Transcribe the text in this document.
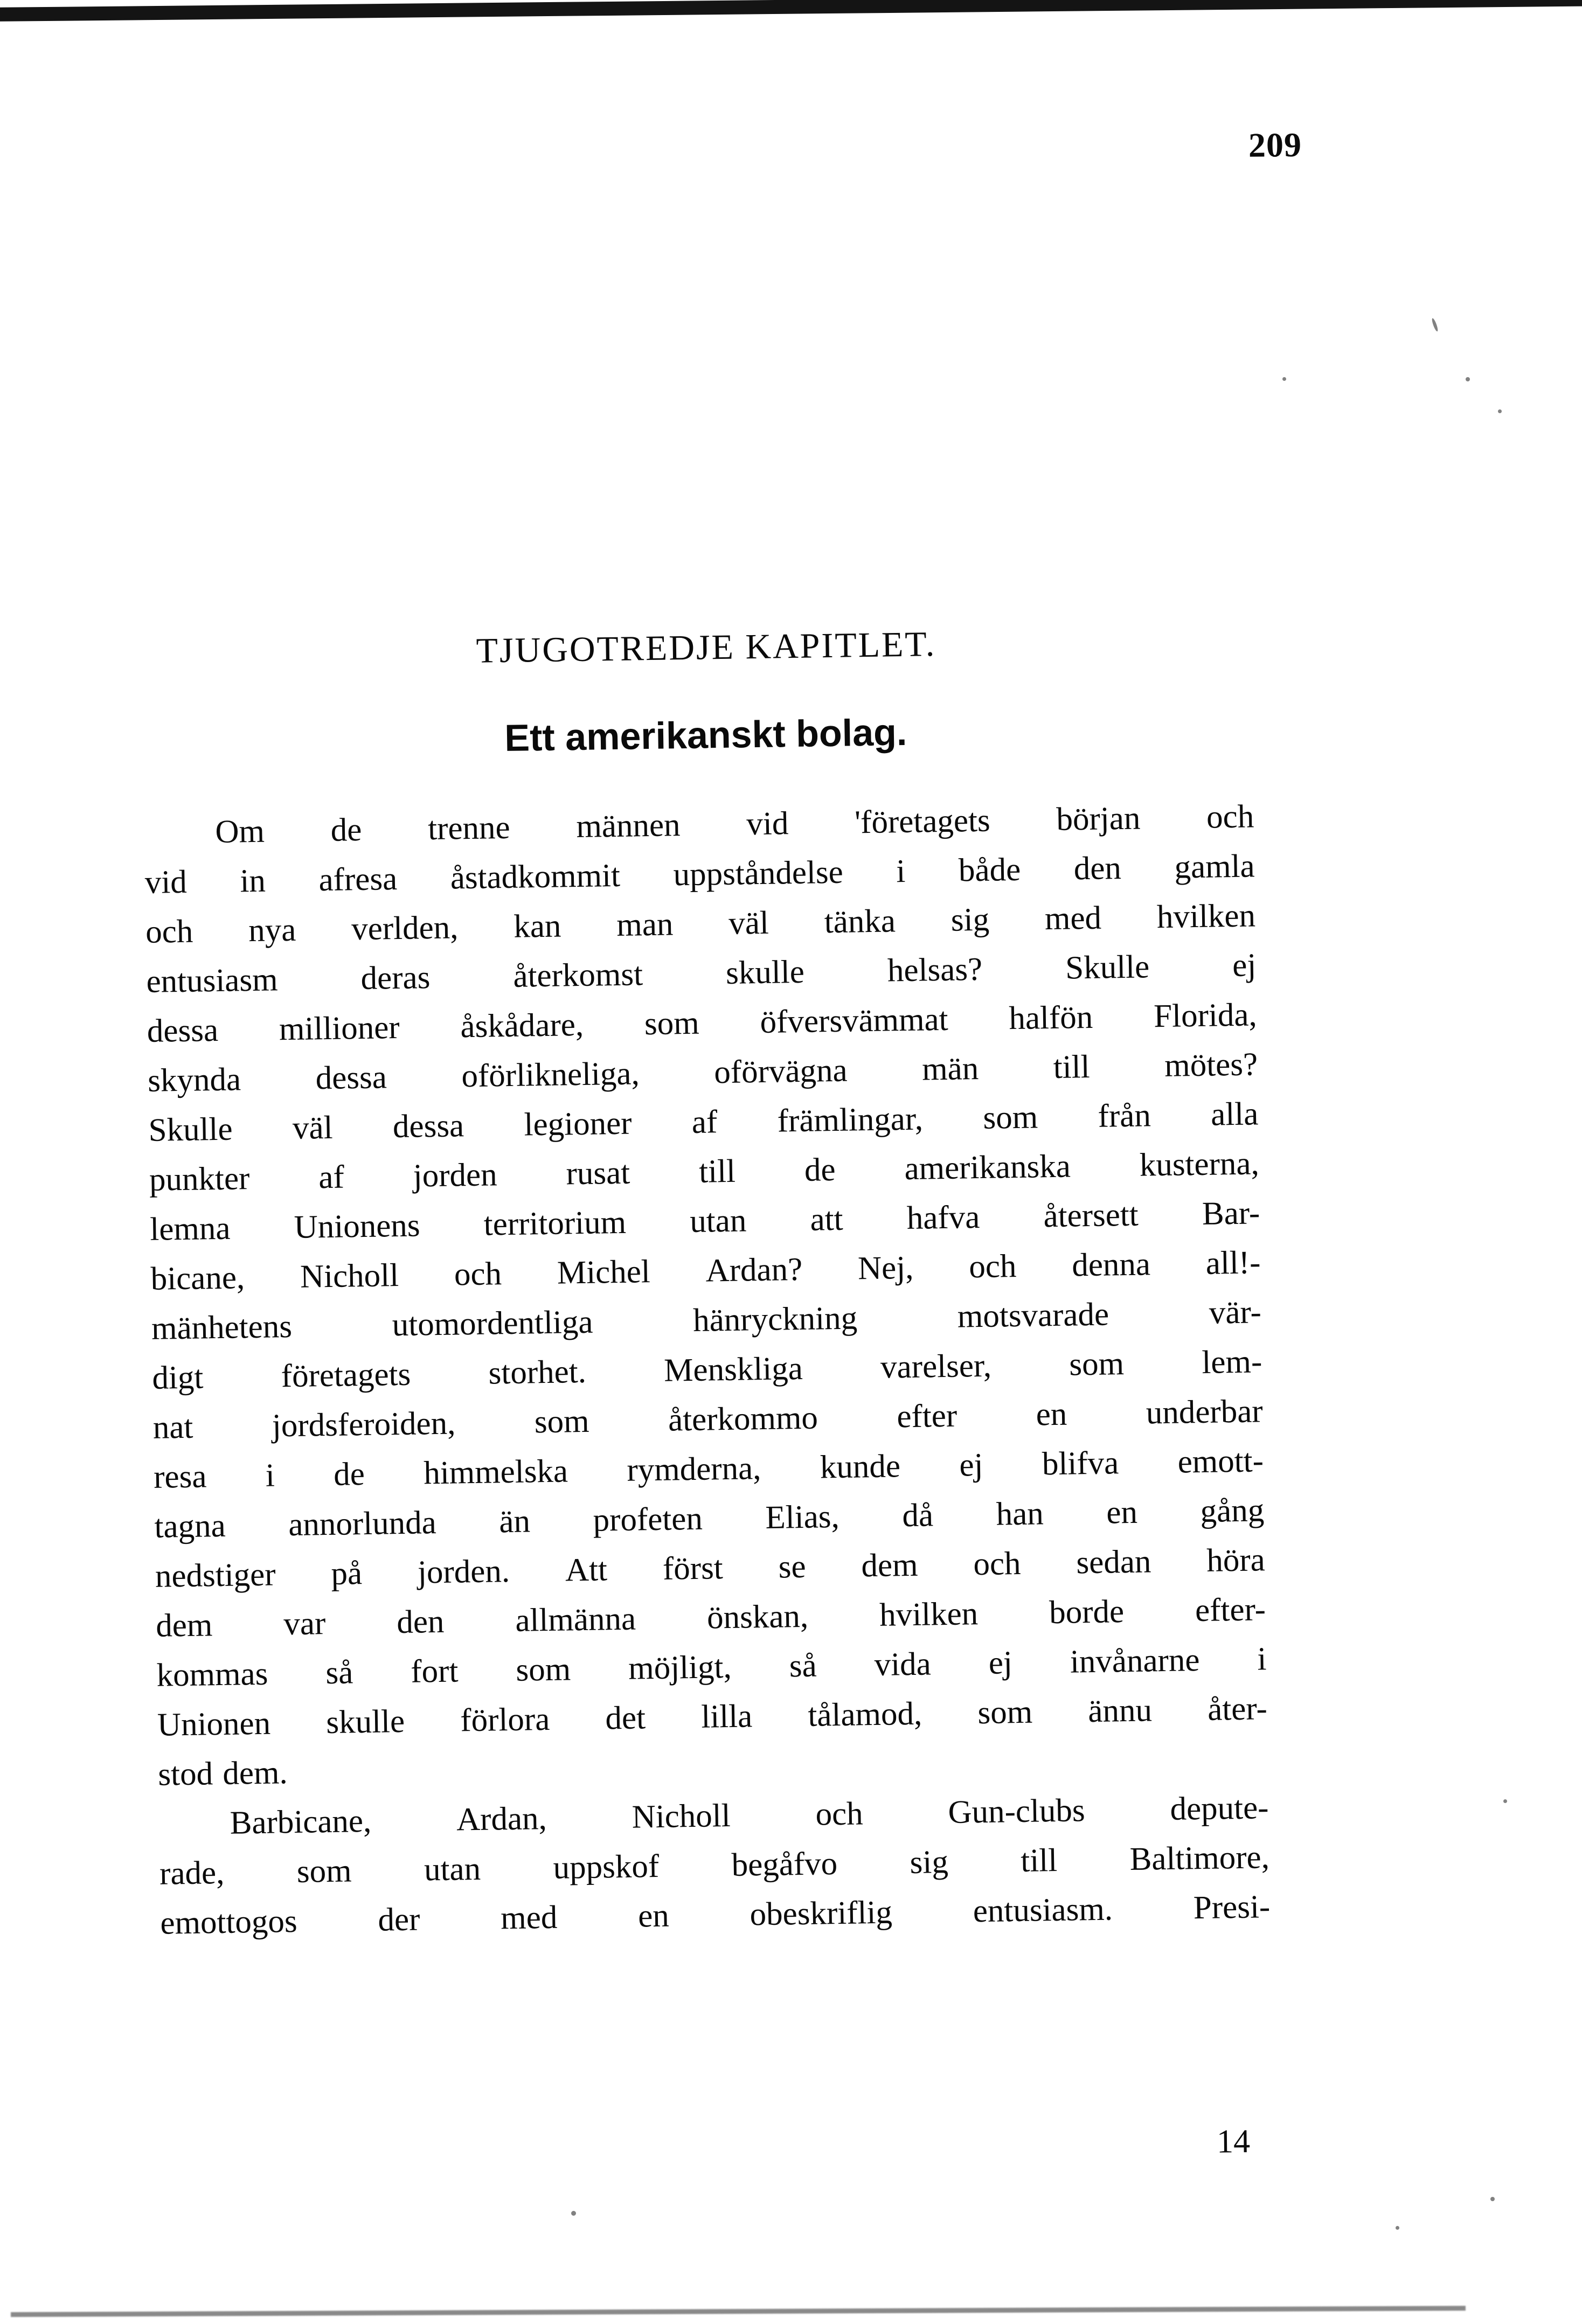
209
TJUGOTREDJE KAPITLET.
Ett amerikanskt bolag.
Om de trenne männen vid 'företagets början och
vid in afresa åstadkommit uppståndelse i både den gamla
och nya verlden, kan man väl tänka sig med hvilken
entusiasm	deras	återkomst	skulle	helsas?	Skulle	ej
dessa millioner åskådare, som öfversvämmat halfön Florida,
skynda dessa oförlikneliga, oförvägna män till mötes?
Skulle väl dessa legioner af främlingar, som från alla
punkter af jorden rusat till de amerikanska kusterna,
lemna Unionens territorium utan att hafva återsett Bar-
bicane, Nicholl och Michel Ardan? Nej, och denna all!-
mänhetens	utomordentliga	hänryckning	motsvarade	vär-
digt företagets storhet. Menskliga varelser, som lem-
nat jordsferoiden, som återkommo efter en underbar
resa i de himmelska rymderna, kunde ej blifva emott-
tagna annorlunda än profeten Elias, då han en gång
nedstiger på jorden. Att först se dem och sedan höra
dem var den allmänna önskan, hvilken borde efter-
kommas så fort som möjligt, så vida ej invånarne i
Unionen skulle förlora det lilla tålamod, som ännu åter-
stod dem.
Barbicane,	Ardan,	Nicholl	och	Gun-clubs	depute-
rade, som utan uppskof begåfvo sig till Baltimore,
emottogos der med en obeskriflig entusiasm. Presi-
14
